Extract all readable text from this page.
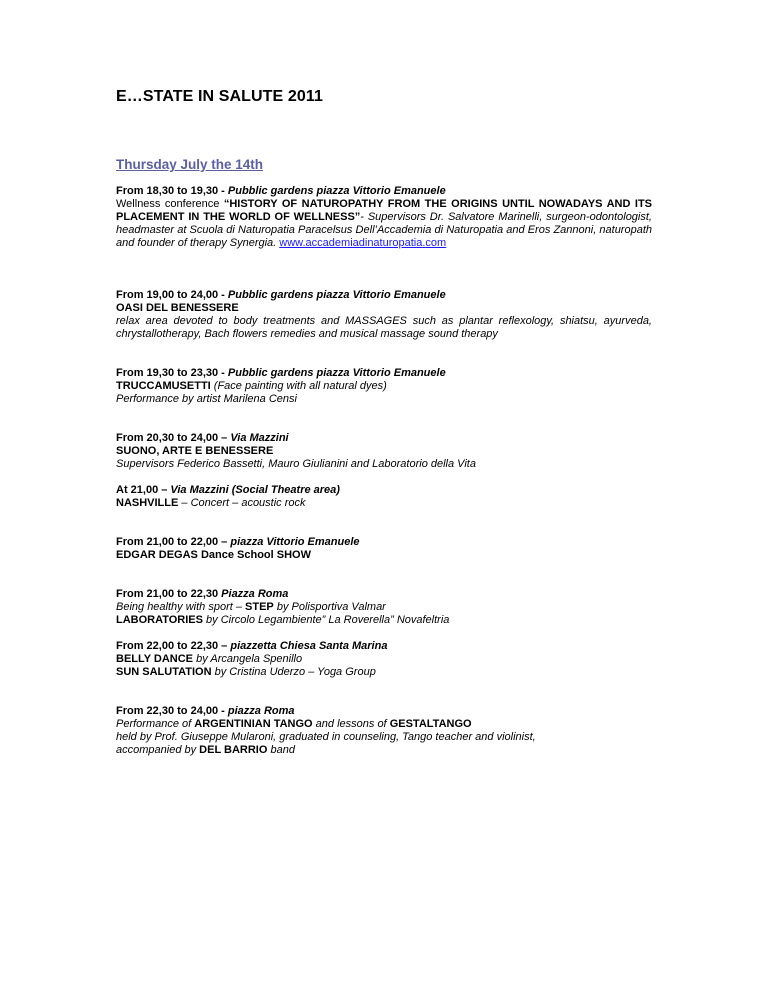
E…STATE IN SALUTE 2011
Thursday July the 14th
From 18,30 to 19,30 - Pubblic gardens piazza Vittorio Emanuele
Wellness conference “HISTORY OF NATUROPATHY FROM THE ORIGINS UNTIL NOWADAYS AND ITS PLACEMENT IN THE WORLD OF WELLNESS”- Supervisors Dr. Salvatore Marinelli, surgeon-odontologist, headmaster at Scuola di Naturopatia Paracelsus Dell’Accademia di Naturopatia and Eros Zannoni, naturopath and founder of therapy Synergia. www.accademiadinaturopatia.com
From 19,00 to 24,00 - Pubblic gardens piazza Vittorio Emanuele
OASI DEL BENESSERE
relax area devoted to body treatments and MASSAGES such as plantar reflexology, shiatsu, ayurveda, chrystallotherapy, Bach flowers remedies and musical massage sound therapy
From 19,30 to 23,30 - Pubblic gardens piazza Vittorio Emanuele
TRUCCAMUSETTI (Face painting with all natural dyes)
Performance by artist Marilena Censi
From 20,30 to 24,00 – Via Mazzini
SUONO, ARTE E BENESSERE
Supervisors Federico Bassetti, Mauro Giulianini and Laboratorio della Vita
At 21,00 – Via Mazzini (Social Theatre area)
NASHVILLE – Concert – acoustic rock
From 21,00 to 22,00 – piazza Vittorio Emanuele
EDGAR DEGAS Dance School SHOW
From 21,00 to 22,30 Piazza Roma
Being healthy with sport – STEP by Polisportiva Valmar
LABORATORIES by Circolo Legambiente” La Roverella” Novafeltria
From 22,00 to 22,30 – piazzetta Chiesa Santa Marina
BELLY DANCE by Arcangela Spenillo
SUN SALUTATION by Cristina Uderzo – Yoga Group
From 22,30 to 24,00 - piazza Roma
Performance of ARGENTINIAN TANGO and lessons of GESTALTANGO
held by Prof. Giuseppe Mularoni, graduated in counseling, Tango teacher and violinist,
accompanied by DEL BARRIO band
